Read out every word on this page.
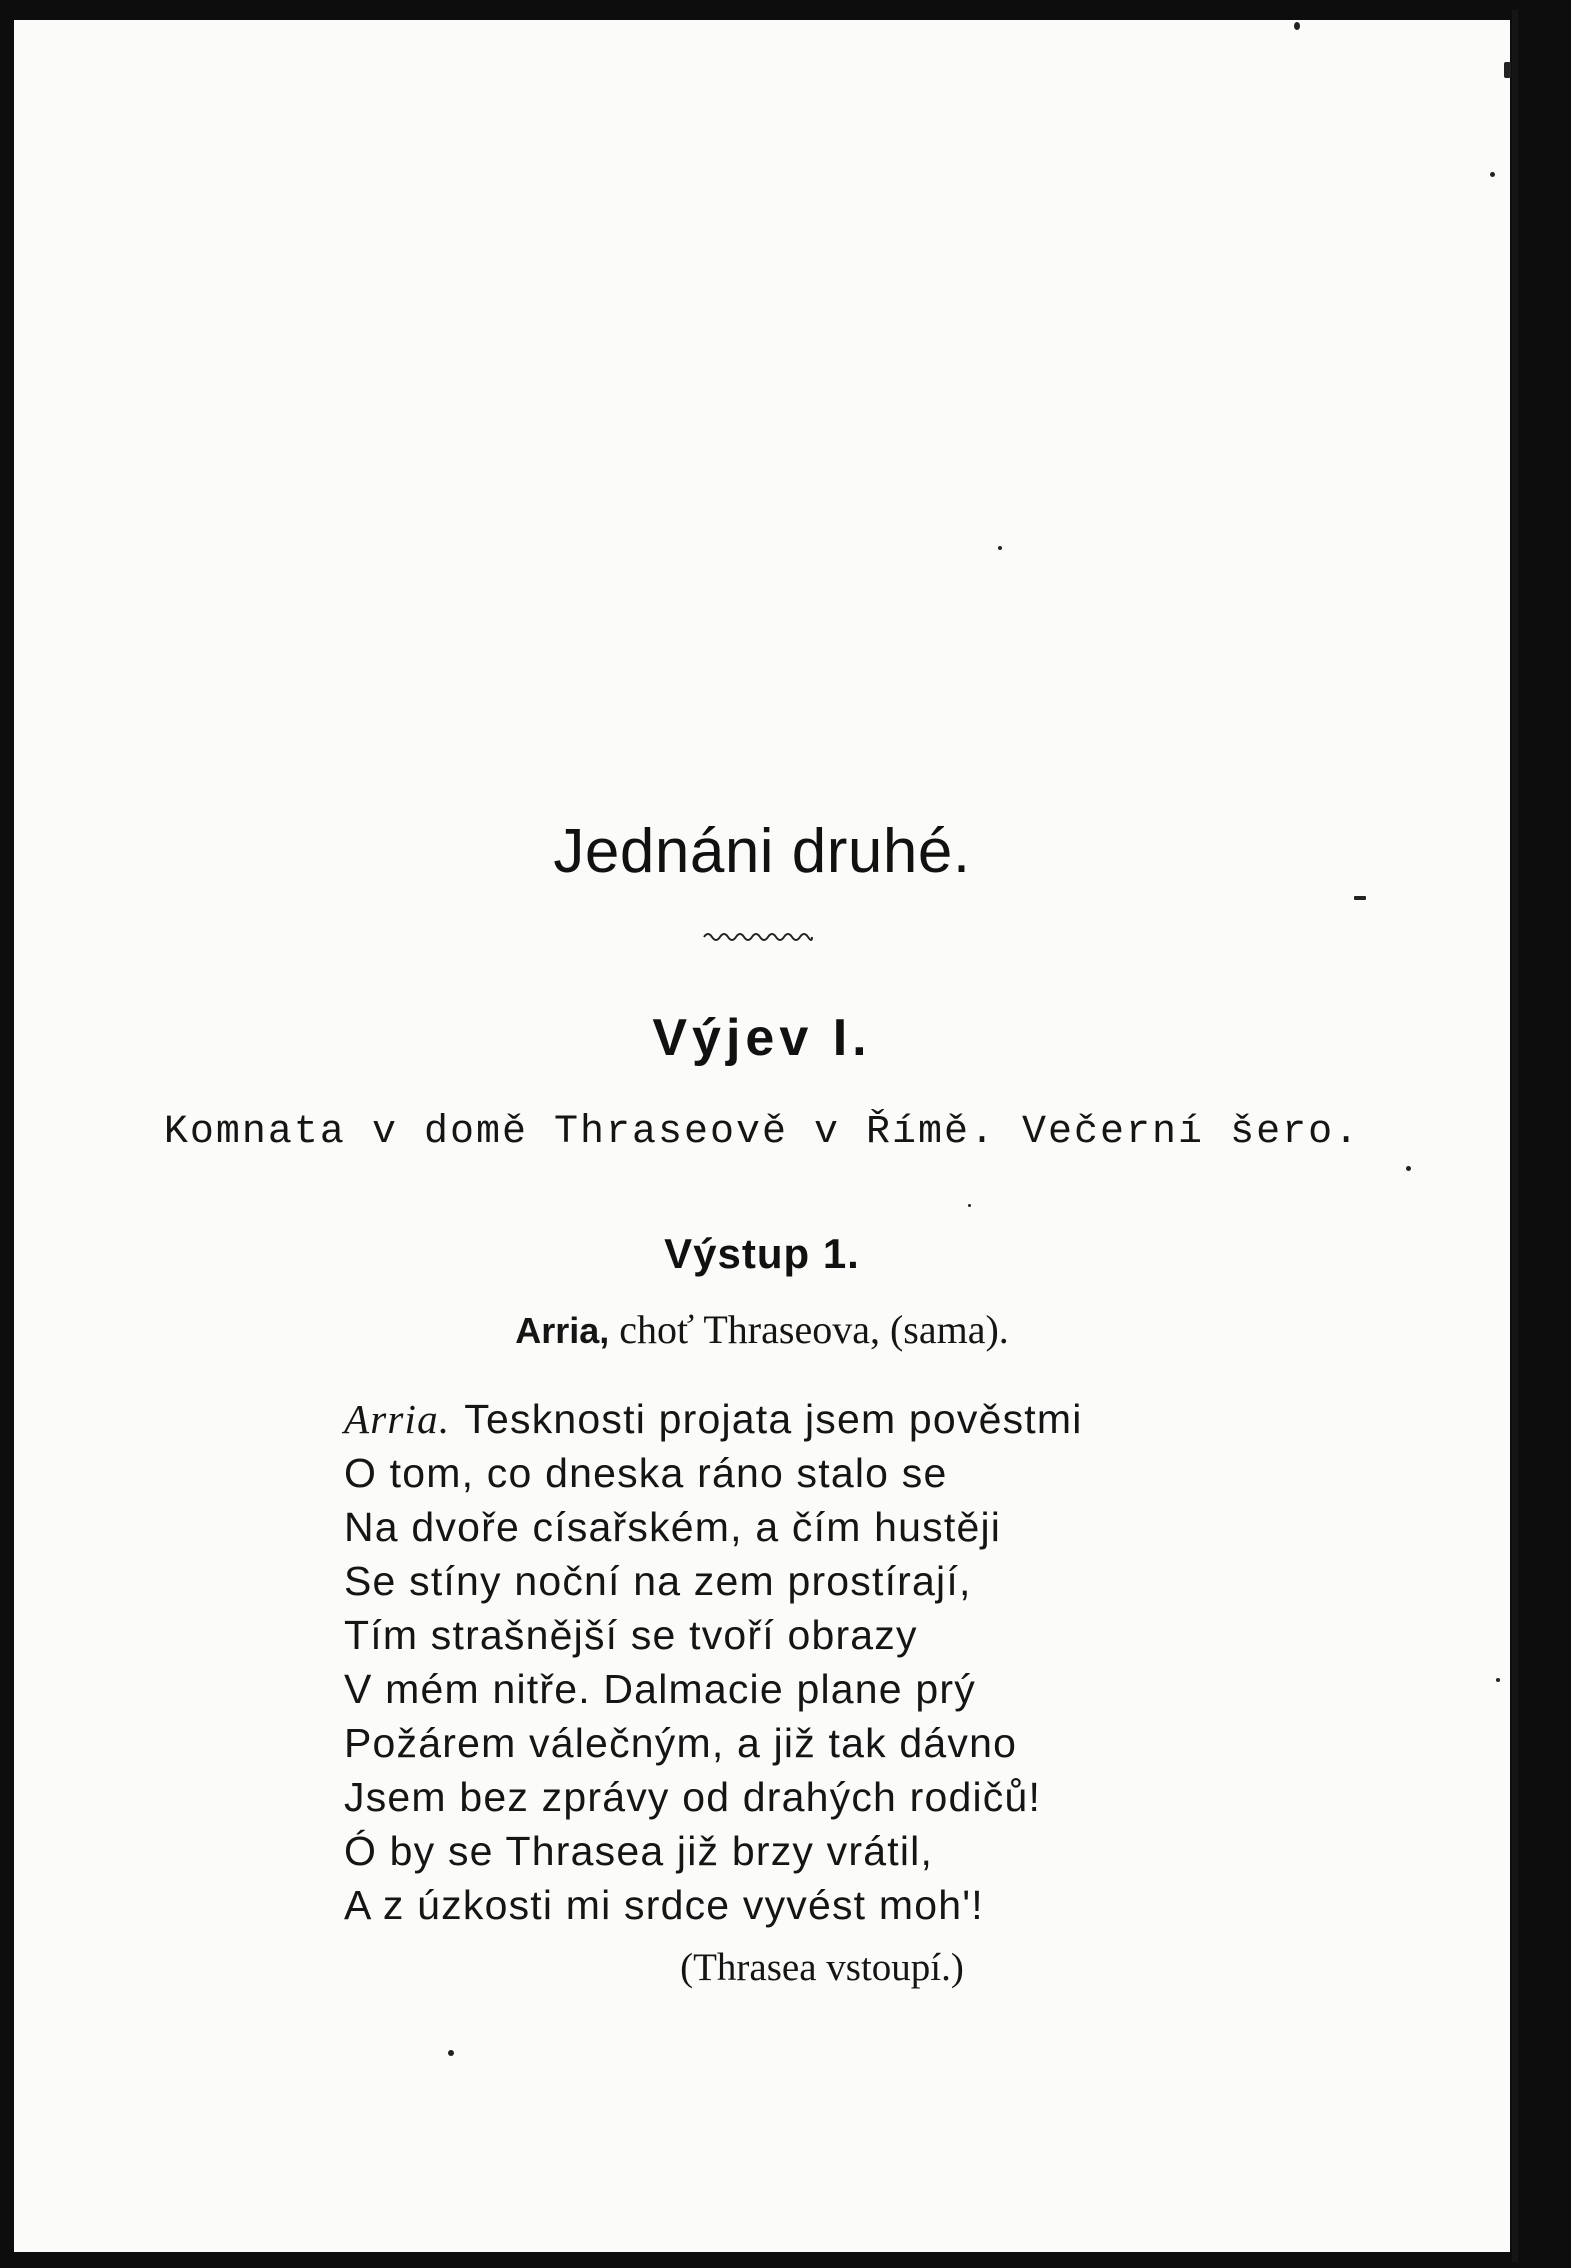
Jednáni druhé.
Výjev I.
Komnata v domě Thraseově v Římě. Večerní šero.
Výstup 1.
Arria, choť Thraseova, (sama).
Arria. Tesknosti projata jsem pověstmi
O tom, co dneska ráno stalo se
Na dvoře císařském, a čím hustěji
Se stíny noční na zem prostírají,
Tím strašnější se tvoří obrazy
V mém nitře. Dalmacie plane prý
Požárem válečným, a již tak dávno
Jsem bez zprávy od drahých rodičů!
Ó by se Thrasea již brzy vrátil,
A z úzkosti mi srdce vyvést moh'!
(Thrasea vstoupí.)
